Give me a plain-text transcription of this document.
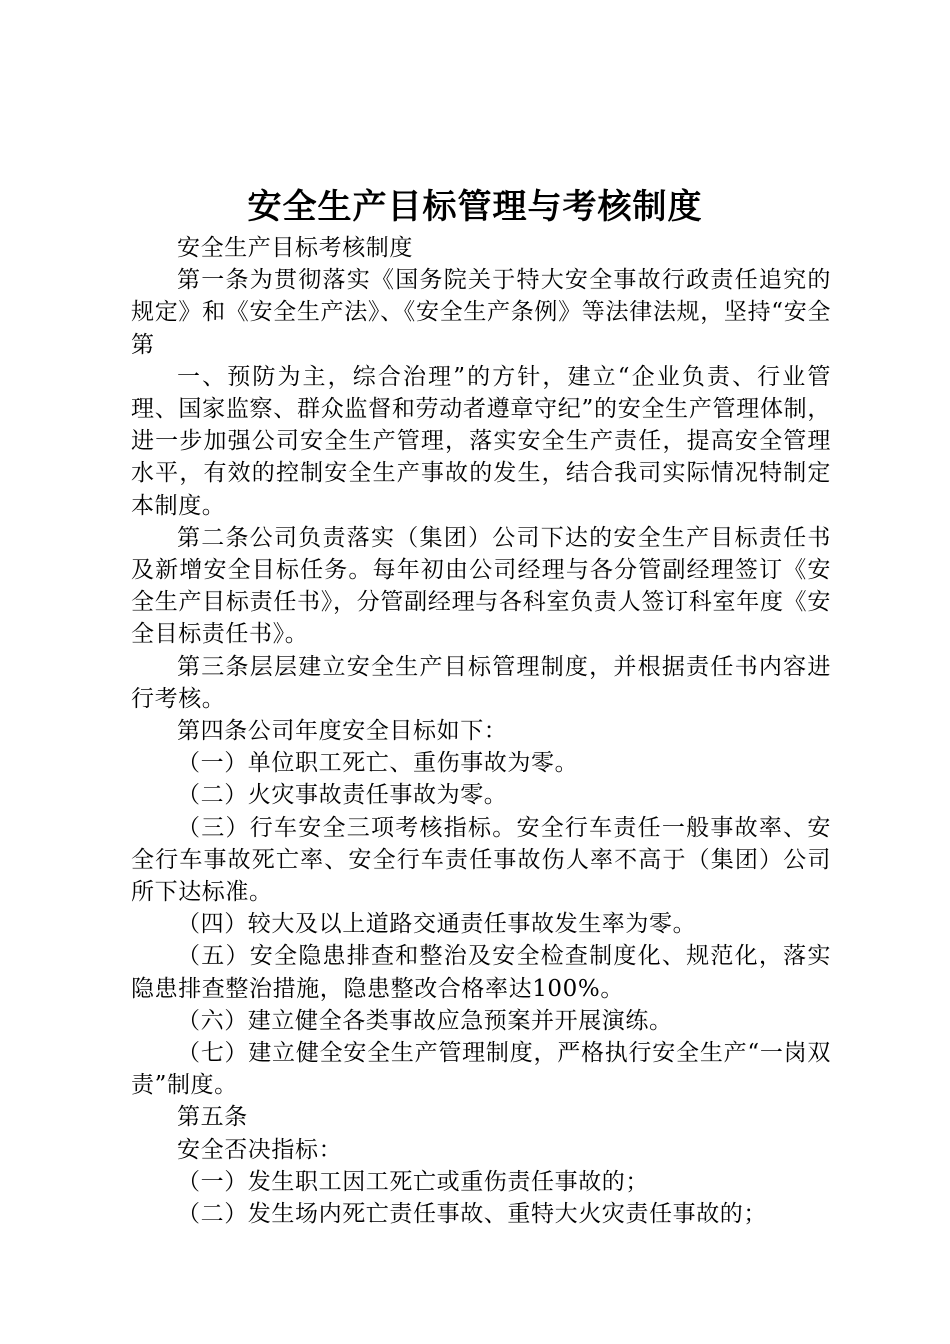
安全生产目标管理与考核制度

安全生产目标考核制度

第一条为贯彻落实《国务院关于特大安全事故行政责任追究的规定》和《安全生产法》、《安全生产条例》等法律法规，坚持“安全第

一、预防为主，综合治理”的方针，建立“企业负责、行业管理、国家监察、群众监督和劳动者遵章守纪”的安全生产管理体制，进一步加强公司安全生产管理，落实安全生产责任，提高安全管理水平，有效的控制安全生产事故的发生，结合我司实际情况特制定本制度。

第二条公司负责落实（集团）公司下达的安全生产目标责任书及新增安全目标任务。每年初由公司经理与各分管副经理签订《安全生产目标责任书》，分管副经理与各科室负责人签订科室年度《安全目标责任书》。

第三条层层建立安全生产目标管理制度，并根据责任书内容进行考核。

第四条公司年度安全目标如下：

（一）单位职工死亡、重伤事故为零。

（二）火灾事故责任事故为零。

（三）行车安全三项考核指标。安全行车责任一般事故率、安全行车事故死亡率、安全行车责任事故伤人率不高于（集团）公司所下达标准。

（四）较大及以上道路交通责任事故发生率为零。

（五）安全隐患排查和整治及安全检查制度化、规范化，落实隐患排查整治措施，隐患整改合格率达100%。

（六）建立健全各类事故应急预案并开展演练。

（七）建立健全安全生产管理制度，严格执行安全生产“一岗双责”制度。

第五条

安全否决指标：

（一）发生职工因工死亡或重伤责任事故的；

（二）发生场内死亡责任事故、重特大火灾责任事故的；
